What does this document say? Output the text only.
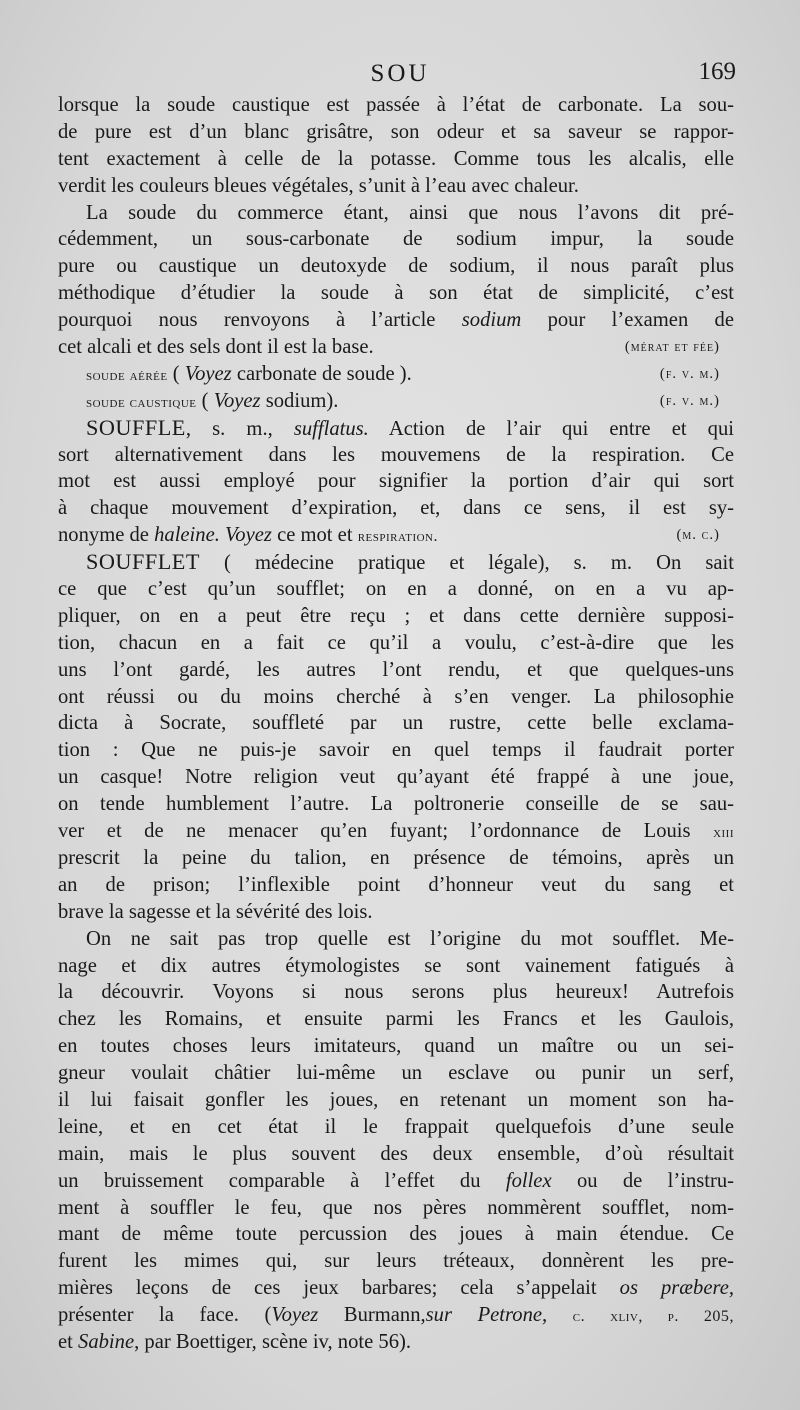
SOU	169
lorsque la soude caustique est passée à l’état de carbonate. La sou‑
de pure est d’un blanc grisâtre, son odeur et sa saveur se rappor-
tent exactement à celle de la potasse. Comme tous les alcalis, elle
verdit les couleurs bleues végétales, s’unit à l’eau avec chaleur.
La soude du commerce étant, ainsi que nous l’avons dit pré-
cédemment, un sous-carbonate de sodium impur, la soude
pure ou caustique un deutoxyde de sodium, il nous paraît plus
méthodique d’étudier la soude à son état de simplicité, c’est
pourquoi nous renvoyons à l’article sodium pour l’examen de
cet alcali et des sels dont il est la base.	(mérat et fée)
soude aérée ( Voyez carbonate de soude ).	(f. v. m.)
soude caustique ( Voyez sodium).	(f. v. m.)
SOUFFLE, s. m., sufflatus. Action de l’air qui entre et qui
sort alternativement dans les mouvemens de la respiration. Ce
mot est aussi employé pour signifier la portion d’air qui sort
à chaque mouvement d’expiration, et, dans ce sens, il est sy-
nonyme de haleine. Voyez ce mot et respiration.	(m. c.)
SOUFFLET ( médecine pratique et légale), s. m. On sait
ce que c’est qu’un soufflet; on en a donné, on en a vu ap-
pliquer, on en a peut être reçu ; et dans cette dernière supposi-
tion, chacun en a fait ce qu’il a voulu, c’est-à-dire que les
uns l’ont gardé, les autres l’ont rendu, et que quelques-uns
ont réussi ou du moins cherché à s’en venger. La philosophie
dicta à Socrate, souffleté par un rustre, cette belle exclama-
tion : Que ne puis-je savoir en quel temps il faudrait porter
un casque! Notre religion veut qu’ayant été frappé à une joue,
on tende humblement l’autre. La poltronerie conseille de se sau-
ver et de ne menacer qu’en fuyant; l’ordonnance de Louis xiii
prescrit la peine du talion, en présence de témoins, après un
an de prison; l’inflexible point d’honneur veut du sang et
brave la sagesse et la sévérité des lois.
On ne sait pas trop quelle est l’origine du mot soufflet. Me-
nage et dix autres étymologistes se sont vainement fatigués à
la découvrir. Voyons si nous serons plus heureux! Autrefois
chez les Romains, et ensuite parmi les Francs et les Gaulois,
en toutes choses leurs imitateurs, quand un maître ou un sei-
gneur voulait châtier lui-même un esclave ou punir un serf,
il lui faisait gonfler les joues, en retenant un moment son ha-
leine, et en cet état il le frappait quelquefois d’une seule
main, mais le plus souvent des deux ensemble, d’où résultait
un bruissement comparable à l’effet du follex ou de l’instru-
ment à souffler le feu, que nos pères nommèrent soufflet, nom-
mant de même toute percussion des joues à main étendue. Ce
furent les mimes qui, sur leurs tréteaux, donnèrent les pre-
mières leçons de ces jeux barbares; cela s’appelait os præbere,
présenter la face. (Voyez Burmann,sur Petrone, c. xliv, p. 205,
et Sabine, par Boettiger, scène iv, note 56).
